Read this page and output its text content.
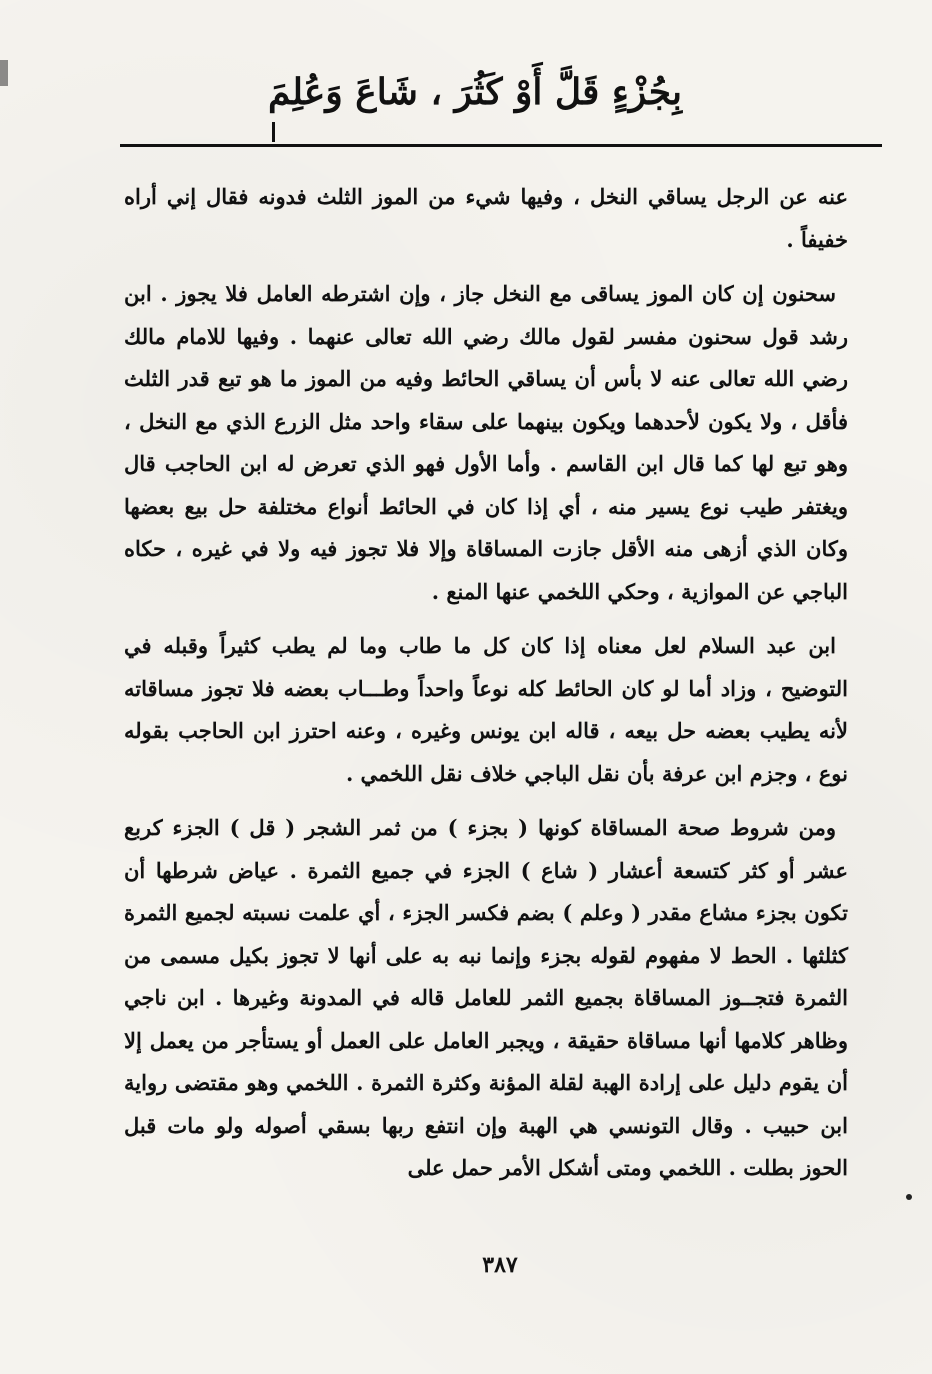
بِجُزْءٍ قَلَّ أَوْ كَثُرَ ، شَاعَ وَعُلِمَ

عنه عن الرجل يساقي النخل ، وفيها شيء من الموز الثلث فدونه فقال إني أراه خفيفاً .

سحنون إن كان الموز يساقى مع النخل جاز ، وإن اشترطه العامل فلا يجوز . ابن رشد قول سحنون مفسر لقول مالك رضي الله تعالى عنهما . وفيها للامام مالك رضي الله تعالى عنه لا بأس أن يساقي الحائط وفيه من الموز ما هو تبع قدر الثلث فأقل ، ولا يكون لأحدهما ويكون بينهما على سقاء واحد مثل الزرع الذي مع النخل ، وهو تبع لها كما قال ابن القاسم . وأما الأول فهو الذي تعرض له ابن الحاجب قال ويغتفر طيب نوع يسير منه ، أي إذا كان في الحائط أنواع مختلفة حل بيع بعضها وكان الذي أزهى منه الأقل جازت المساقاة وإلا فلا تجوز فيه ولا في غيره ، حكاه الباجي عن الموازية ، وحكي اللخمي عنها المنع .

ابن عبد السلام لعل معناه إذا كان كل ما طاب وما لم يطب كثيراً وقبله في التوضيح ، وزاد أما لو كان الحائط كله نوعاً واحداً وطـــاب بعضه فلا تجوز مساقاته لأنه يطيب بعضه حل بيعه ، قاله ابن يونس وغيره ، وعنه احترز ابن الحاجب بقوله نوع ، وجزم ابن عرفة بأن نقل الباجي خلاف نقل اللخمي .

ومن شروط صحة المساقاة كونها ( بجزء ) من ثمر الشجر ( قل ) الجزء كربع عشر أو كثر كتسعة أعشار ( شاع ) الجزء في جميع الثمرة . عياض شرطها أن تكون بجزء مشاع مقدر ( وعلم ) بضم فكسر الجزء ، أي علمت نسبته لجميع الثمرة كثلثها . الحط لا مفهوم لقوله بجزء وإنما نبه به على أنها لا تجوز بكيل مسمى من الثمرة فتجــوز المساقاة بجميع الثمر للعامل قاله في المدونة وغيرها . ابن ناجي وظاهر كلامها أنها مساقاة حقيقة ، ويجبر العامل على العمل أو يستأجر من يعمل إلا أن يقوم دليل على إرادة الهبة لقلة المؤنة وكثرة الثمرة . اللخمي وهو مقتضى رواية ابن حبيب . وقال التونسي هي الهبة وإن انتفع ربها بسقي أصوله ولو مات قبل الحوز بطلت . اللخمي ومتى أشكل الأمر حمل على

٣٨٧
